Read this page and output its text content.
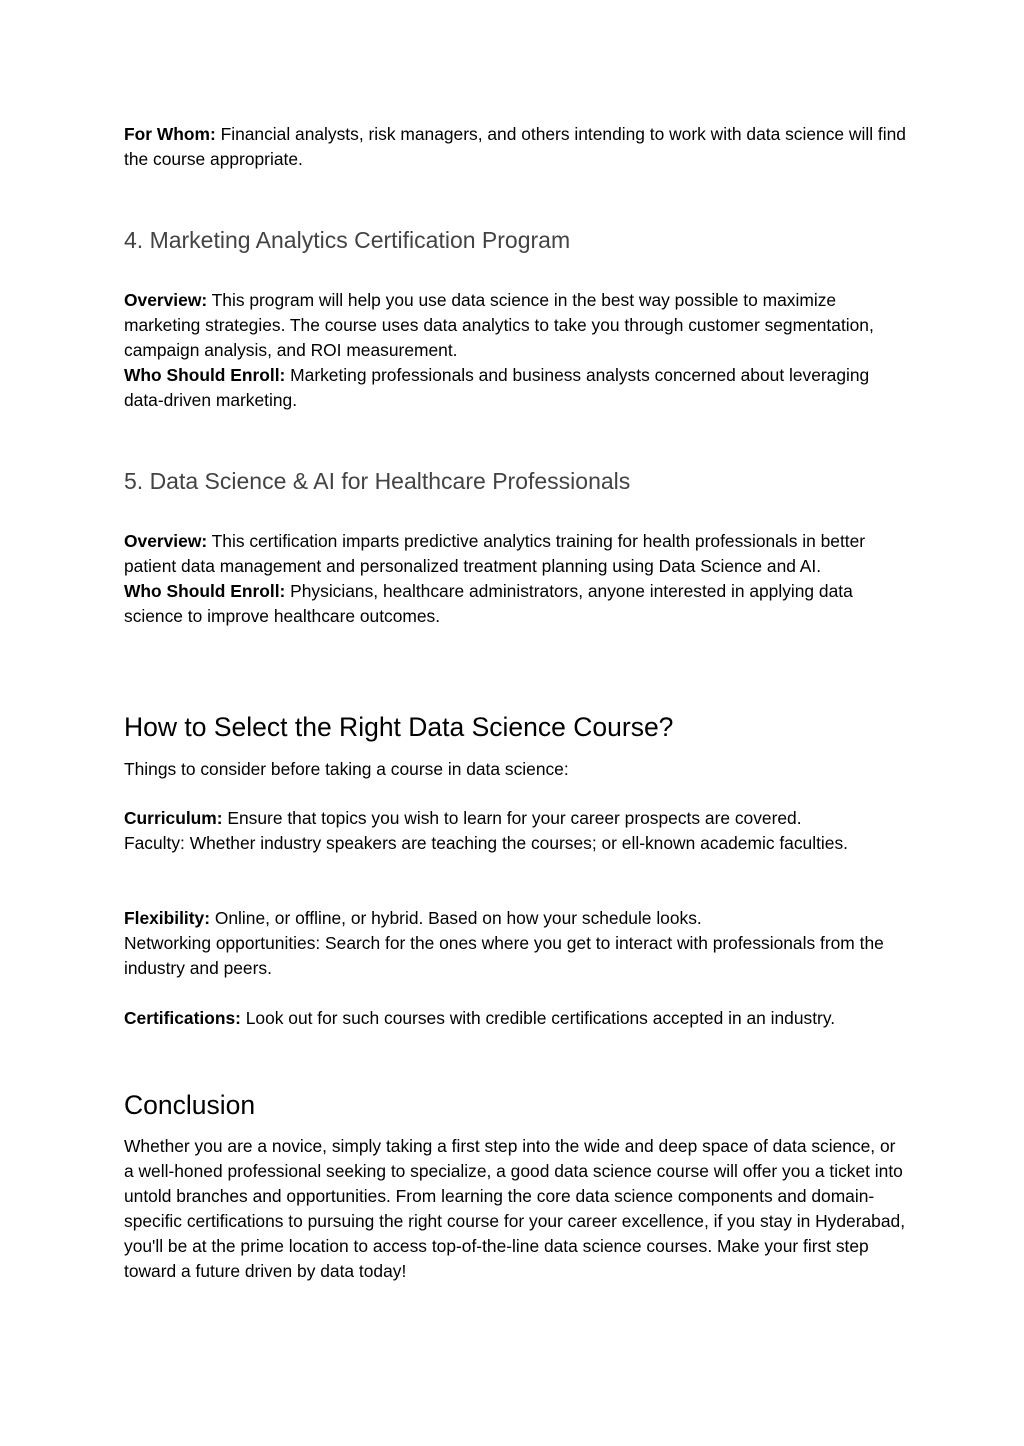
For Whom: Financial analysts, risk managers, and others intending to work with data science will find the course appropriate.

4. Marketing Analytics Certification Program

Overview: This program will help you use data science in the best way possible to maximize marketing strategies. The course uses data analytics to take you through customer segmentation, campaign analysis, and ROI measurement.
Who Should Enroll: Marketing professionals and business analysts concerned about leveraging data-driven marketing.

5. Data Science & AI for Healthcare Professionals

Overview: This certification imparts predictive analytics training for health professionals in better patient data management and personalized treatment planning using Data Science and AI.
Who Should Enroll: Physicians, healthcare administrators, anyone interested in applying data science to improve healthcare outcomes.

How to Select the Right Data Science Course?

Things to consider before taking a course in data science:

Curriculum: Ensure that topics you wish to learn for your career prospects are covered.
Faculty: Whether industry speakers are teaching the courses; or ell-known academic faculties.

Flexibility: Online, or offline, or hybrid. Based on how your schedule looks.
Networking opportunities: Search for the ones where you get to interact with professionals from the industry and peers.

Certifications: Look out for such courses with credible certifications accepted in an industry.

Conclusion

Whether you are a novice, simply taking a first step into the wide and deep space of data science, or a well-honed professional seeking to specialize, a good data science course will offer you a ticket into untold branches and opportunities. From learning the core data science components and domain-specific certifications to pursuing the right course for your career excellence, if you stay in Hyderabad, you'll be at the prime location to access top-of-the-line data science courses. Make your first step toward a future driven by data today!
